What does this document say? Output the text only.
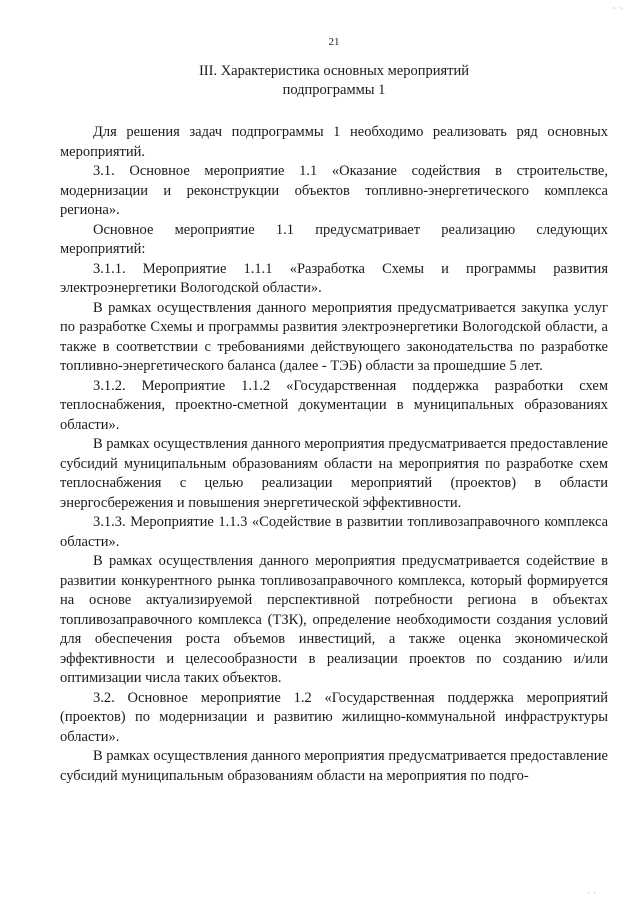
ˎ ˎ
21
III. Характеристика основных мероприятий
подпрограммы 1

Для решения задач подпрограммы 1 необходимо реализовать ряд основных мероприятий.

3.1. Основное мероприятие 1.1 «Оказание содействия в строительстве, модернизации и реконструкции объектов топливно-энергетического комплекса региона».

Основное мероприятие 1.1 предусматривает реализацию следующих мероприятий:

3.1.1. Мероприятие 1.1.1 «Разработка Схемы и программы развития электроэнергетики Вологодской области».

В рамках осуществления данного мероприятия предусматривается закупка услуг по разработке Схемы и программы развития электроэнергетики Вологодской области, а также в соответствии с требованиями действующего законодательства по разработке топливно-энергетического баланса (далее - ТЭБ) области за прошедшие 5 лет.

3.1.2. Мероприятие 1.1.2 «Государственная поддержка разработки схем теплоснабжения, проектно-сметной документации в муниципальных образованиях области».

В рамках осуществления данного мероприятия предусматривается предоставление субсидий муниципальным образованиям области на мероприятия по разработке схем теплоснабжения с целью реализации мероприятий (проектов) в области энергосбережения и повышения энергетической эффективности.

3.1.3. Мероприятие 1.1.3 «Содействие в развитии топливозаправочного комплекса области».

В рамках осуществления данного мероприятия предусматривается содействие в развитии конкурентного рынка топливозаправочного комплекса, который формируется на основе актуализируемой перспективной потребности региона в объектах топливозаправочного комплекса (ТЗК), определение необходимости создания условий для обеспечения роста объемов инвестиций, а также оценка экономической эффективности и целесообразности в реализации проектов по созданию и/или оптимизации числа таких объектов.

3.2. Основное мероприятие 1.2 «Государственная поддержка мероприятий (проектов) по модернизации и развитию жилищно-коммунальной инфраструктуры области».

В рамках осуществления данного мероприятия предусматривается предоставление субсидий муниципальным образованиям области на мероприятия по подго-

· ·
